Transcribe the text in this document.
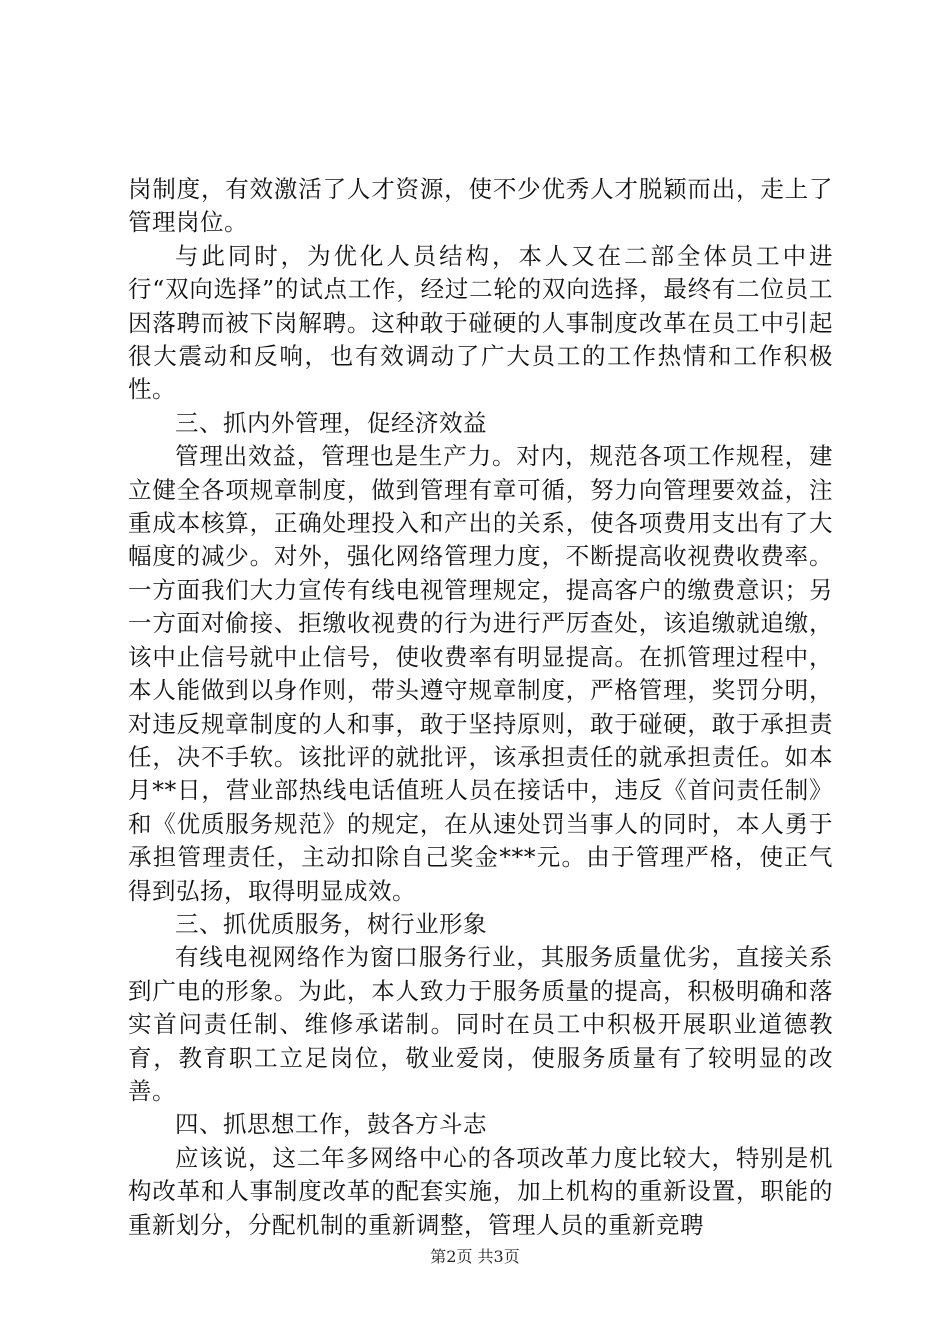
岗制度，有效激活了人才资源，使不少优秀人才脱颖而出，走上了管理岗位。

与此同时，为优化人员结构，本人又在二部全体员工中进行“双向选择”的试点工作，经过二轮的双向选择，最终有二位员工因落聘而被下岗解聘。这种敢于碰硬的人事制度改革在员工中引起很大震动和反响，也有效调动了广大员工的工作热情和工作积极性。

三、抓内外管理，促经济效益

管理出效益，管理也是生产力。对内，规范各项工作规程，建立健全各项规章制度，做到管理有章可循，努力向管理要效益，注重成本核算，正确处理投入和产出的关系，使各项费用支出有了大幅度的减少。对外，强化网络管理力度，不断提高收视费收费率。一方面我们大力宣传有线电视管理规定，提高客户的缴费意识；另一方面对偷接、拒缴收视费的行为进行严厉查处，该追缴就追缴，该中止信号就中止信号，使收费率有明显提高。在抓管理过程中，本人能做到以身作则，带头遵守规章制度，严格管理，奖罚分明，对违反规章制度的人和事，敢于坚持原则，敢于碰硬，敢于承担责任，决不手软。该批评的就批评，该承担责任的就承担责任。如本月**日，营业部热线电话值班人员在接话中，违反《首问责任制》和《优质服务规范》的规定，在从速处罚当事人的同时，本人勇于承担管理责任，主动扣除自己奖金***元。由于管理严格，使正气得到弘扬，取得明显成效。

三、抓优质服务，树行业形象

有线电视网络作为窗口服务行业，其服务质量优劣，直接关系到广电的形象。为此，本人致力于服务质量的提高，积极明确和落实首问责任制、维修承诺制。同时在员工中积极开展职业道德教育，教育职工立足岗位，敬业爱岗，使服务质量有了较明显的改善。

四、抓思想工作，鼓各方斗志

应该说，这二年多网络中心的各项改革力度比较大，特别是机构改革和人事制度改革的配套实施，加上机构的重新设置，职能的重新划分，分配机制的重新调整，管理人员的重新竞聘

第2页 共3页
